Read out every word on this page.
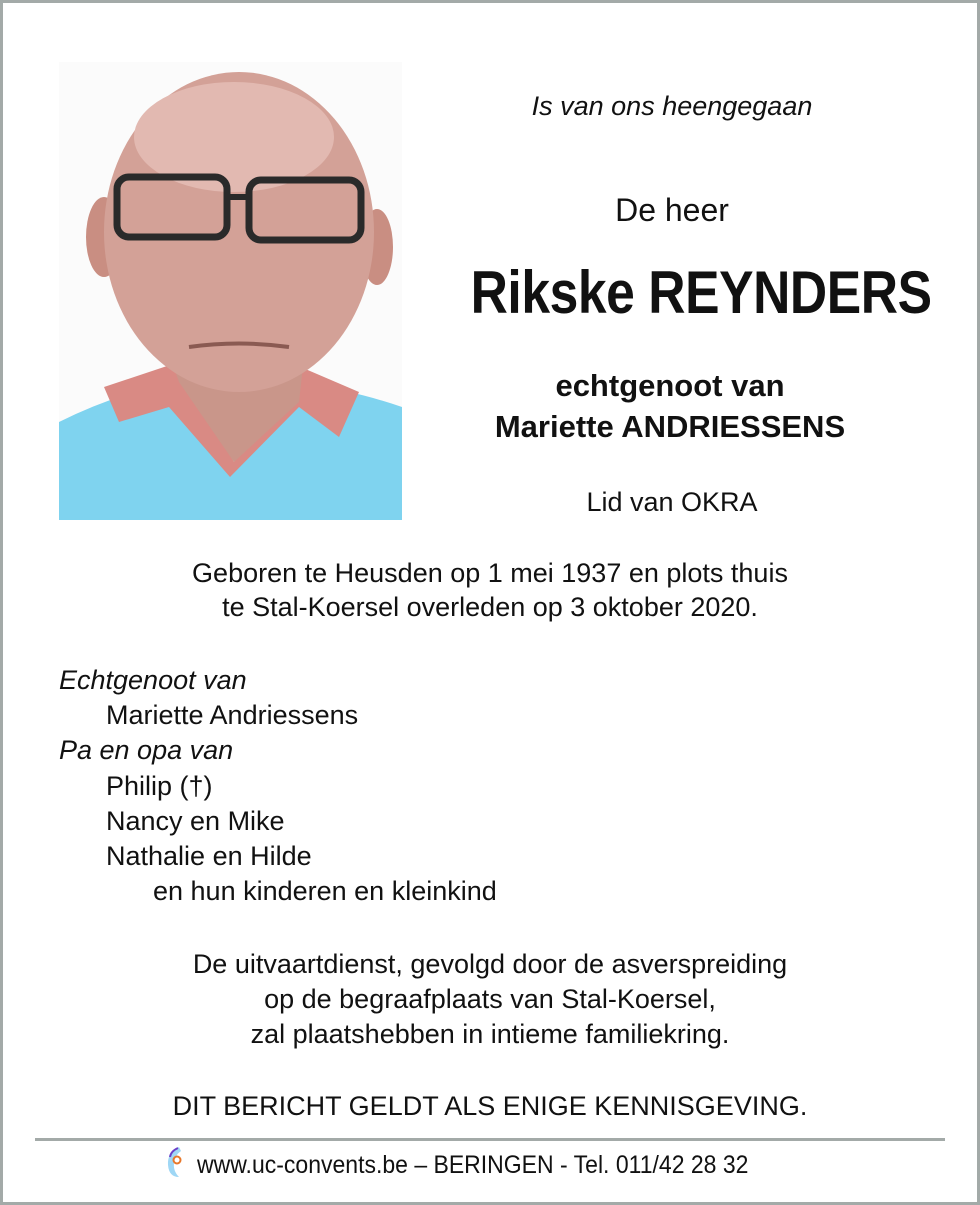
Is van ons heengegaan
De heer
Rikske REYNDERS
echtgenoot van
Mariette ANDRIESSENS
Lid van OKRA
Geboren te Heusden op 1 mei 1937 en plots thuis
te Stal-Koersel overleden op 3 oktober 2020.
Echtgenoot van
Mariette Andriessens
Pa en opa van
Philip (†)
Nancy en Mike
Nathalie en Hilde
en hun kinderen en kleinkind
De uitvaartdienst, gevolgd door de asverspreiding
op de begraafplaats van Stal-Koersel,
zal plaatshebben in intieme familiekring.
DIT BERICHT GELDT ALS ENIGE KENNISGEVING.
www.uc-convents.be – BERINGEN - Tel. 011/42 28 32
